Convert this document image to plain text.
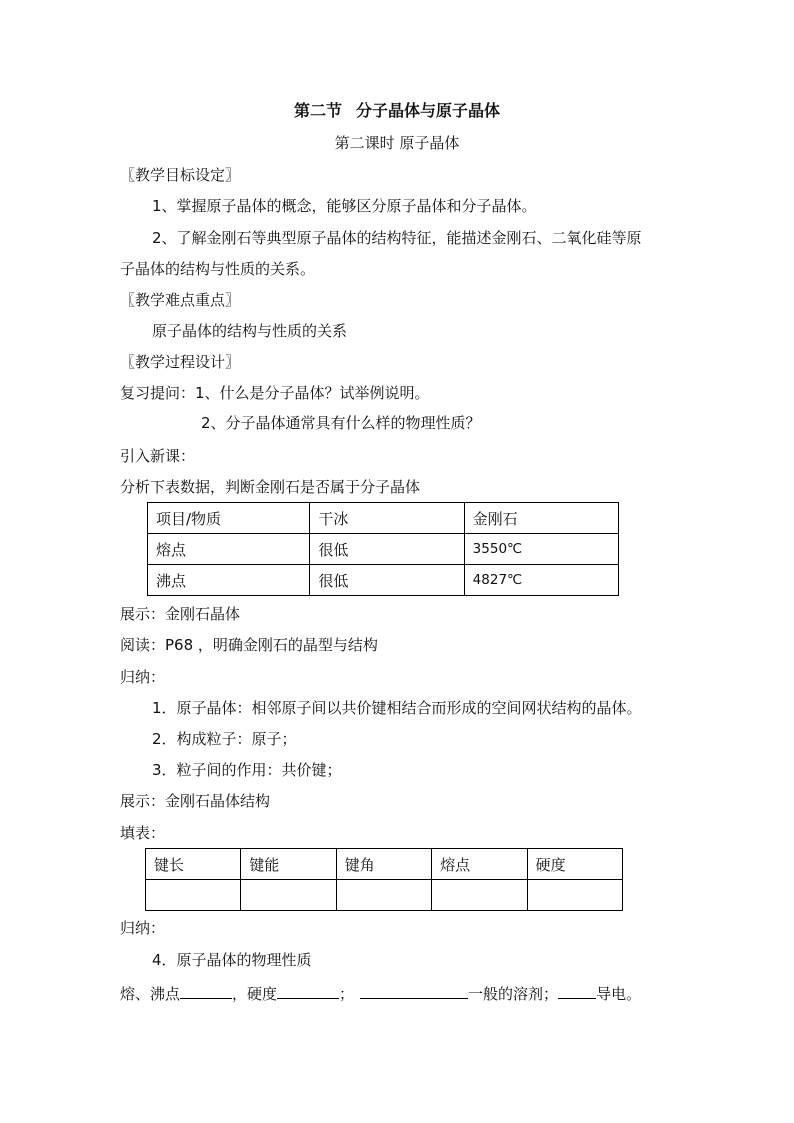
第二节 分子晶体与原子晶体
第二课时 原子晶体
〖教学目标设定〗
1、掌握原子晶体的概念，能够区分原子晶体和分子晶体。
2、了解金刚石等典型原子晶体的结构特征，能描述金刚石、二氧化硅等原
子晶体的结构与性质的关系。
〖教学难点重点〗
原子晶体的结构与性质的关系
〖教学过程设计〗
复习提问：1、什么是分子晶体？试举例说明。
2、分子晶体通常具有什么样的物理性质？
引入新课：
分析下表数据，判断金刚石是否属于分子晶体
项目/物质	干冰	金刚石
熔点	很低	3550℃
沸点	很低	4827℃
展示：金刚石晶体
阅读：P68 ，明确金刚石的晶型与结构
归纳：
1．原子晶体：相邻原子间以共价键相结合而形成的空间网状结构的晶体。
2．构成粒子：原子；
3．粒子间的作用：共价键；
展示：金刚石晶体结构
填表：
键长	键能	键角	熔点	硬度

归纳：
4．原子晶体的物理性质
熔、沸点	，硬度	；	一般的溶剂；	导电。
